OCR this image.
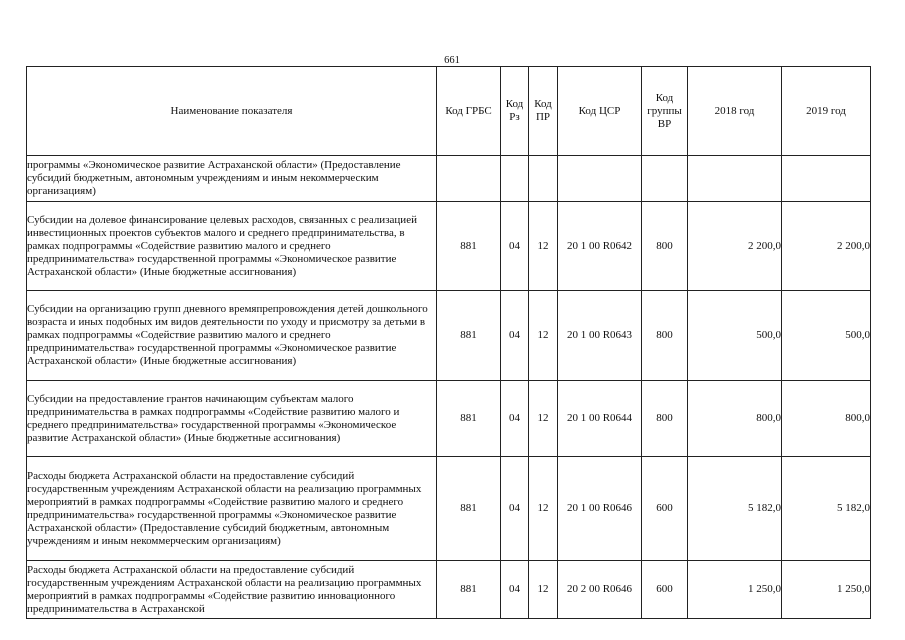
661
Наименование показателя	Код ГРБС	Код Рз	Код ПР	Код ЦСР	Код группы ВР	2018 год	2019 год
программы «Экономическое развитие Астраханской области» (Предоставление субсидий бюджетным, автономным учреждениям и иным некоммерческим организациям)							
Субсидии на долевое финансирование целевых расходов, связанных с реализацией инвестиционных проектов субъектов малого и среднего предпринимательства, в рамках подпрограммы «Содействие развитию малого и среднего предпринимательства» государственной программы «Экономическое развитие Астраханской области» (Иные бюджетные ассигнования)	881	04	12	20 1 00 R0642	800	2 200,0	2 200,0
Субсидии на организацию групп дневного времяпрепровождения детей дошкольного возраста и иных подобных им видов деятельности по уходу и присмотру за детьми в рамках подпрограммы «Содействие развитию малого и среднего предпринимательства» государственной программы «Экономическое развитие Астраханской области» (Иные бюджетные ассигнования)	881	04	12	20 1 00 R0643	800	500,0	500,0
Субсидии на предоставление грантов начинающим субъектам малого предпринимательства в рамках подпрограммы «Содействие развитию малого и среднего предпринимательства» государственной программы «Экономическое развитие Астраханской области» (Иные бюджетные ассигнования)	881	04	12	20 1 00 R0644	800	800,0	800,0
Расходы бюджета Астраханской области на предоставление субсидий государственным учреждениям Астраханской области на реализацию программных мероприятий в рамках подпрограммы «Содействие развитию малого и среднего предпринимательства» государственной программы «Экономическое развитие Астраханской области» (Предоставление субсидий бюджетным, автономным учреждениям и иным некоммерческим организациям)	881	04	12	20 1 00 R0646	600	5 182,0	5 182,0
Расходы бюджета Астраханской области на предоставление субсидий государственным учреждениям Астраханской области на реализацию программных мероприятий в рамках подпрограммы «Содействие развитию инновационного предпринимательства в Астраханской	881	04	12	20 2 00 R0646	600	1 250,0	1 250,0
